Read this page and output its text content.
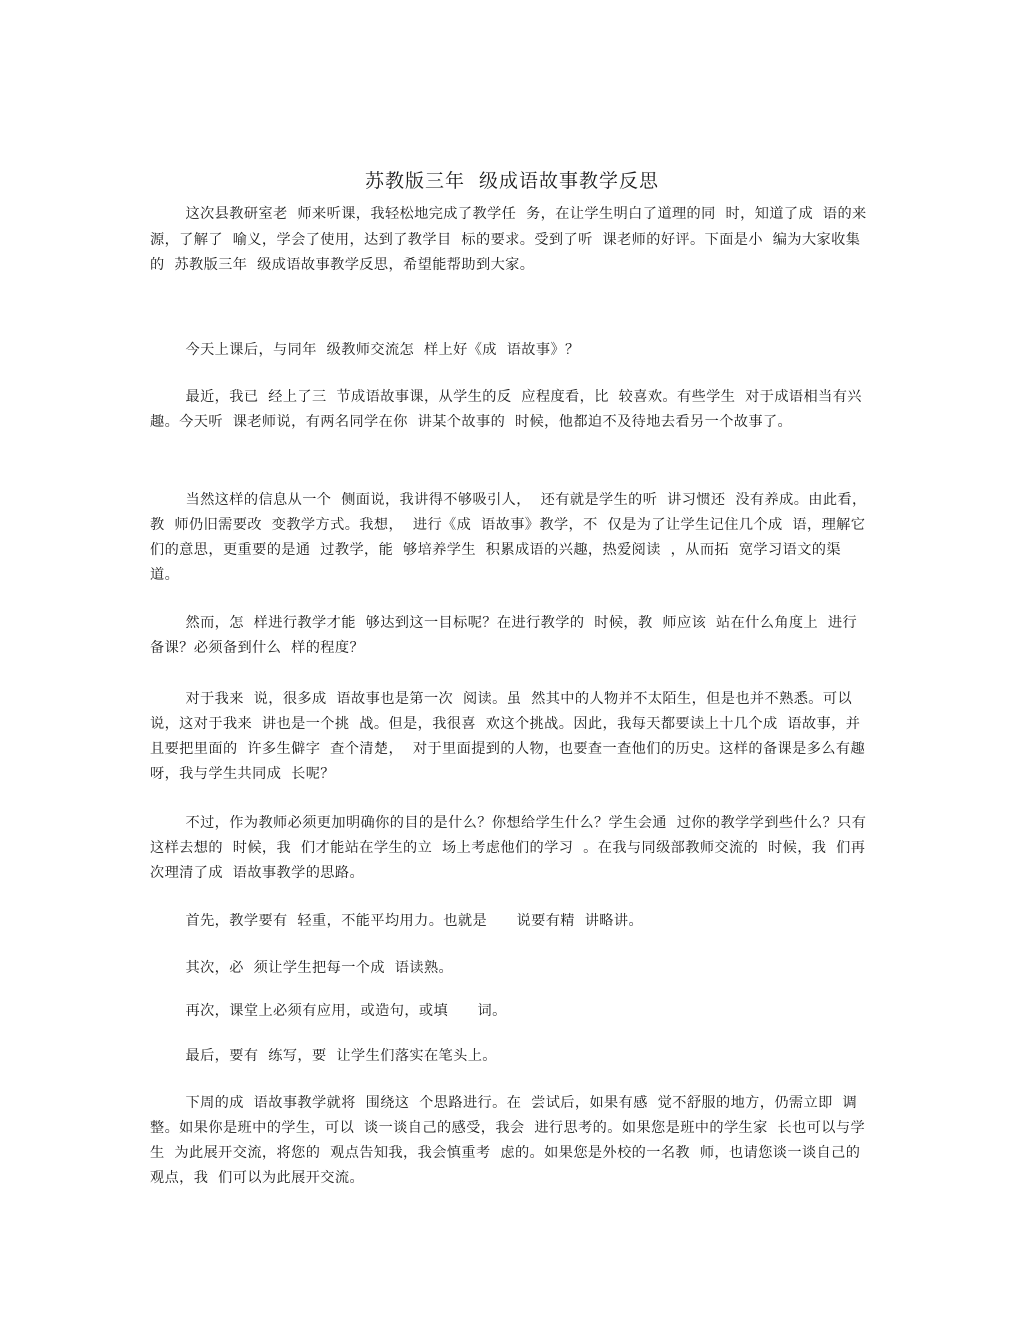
苏教版三年  级成语故事教学反思

这次县教研室老  师来听课，我轻松地完成了教学任  务，在让学生明白了道理的同  时，知道了成  语的来源，了解了  喻义，学会了使用，达到了教学目  标的要求。受到了听  课老师的好评。下面是小  编为大家收集的  苏教版三年  级成语故事教学反思，希望能帮助到大家。

今天上课后，与同年  级教师交流怎  样上好《成  语故事》？

最近，我已  经上了三  节成语故事课，从学生的反  应程度看，比  较喜欢。有些学生  对于成语相当有兴趣。今天听  课老师说，有两名同学在你  讲某个故事的  时候，他都迫不及待地去看另一个故事了。

当然这样的信息从一个  侧面说，我讲得不够吸引人，  还有就是学生的听  讲习惯还  没有养成。由此看，教  师仍旧需要改  变教学方式。我想，  进行《成  语故事》教学，不  仅是为了让学生记住几个成  语，理解它  们的意思，更重要的是通  过教学，能  够培养学生  积累成语的兴趣，热爱阅读  ，从而拓  宽学习语文的渠道。

然而，怎  样进行教学才能  够达到这一目标呢？在进行教学的  时候，教  师应该  站在什么角度上  进行备课？必须备到什么  样的程度？

对于我来  说，很多成  语故事也是第一次  阅读。虽  然其中的人物并不太陌生，但是也并不熟悉。可以  说，这对于我来  讲也是一个挑  战。但是，我很喜  欢这个挑战。因此，我每天都要读上十几个成  语故事，并且要把里面的  许多生僻字  查个清楚，  对于里面提到的人物，也要查一查他们的历史。这样的备课是多么有趣呀，我与学生共同成  长呢？

不过，作为教师必须更加明确你的目的是什么？你想给学生什么？学生会通  过你的教学学到些什么？只有这样去想的  时候，我  们才能站在学生的立  场上考虑他们的学习  。在我与同级部教师交流的  时候，我  们再次理清了成  语故事教学的思路。

首先，教学要有  轻重，不能平均用力。也就是      说要有精  讲略讲。

其次，必  须让学生把每一个成  语读熟。

再次，课堂上必须有应用，或造句，或填      词。

最后，要有  练写，要  让学生们落实在笔头上。

下周的成  语故事教学就将  围绕这  个思路进行。在  尝试后，如果有感  觉不舒服的地方，仍需立即  调整。如果你是班中的学生，可以  谈一谈自己的感受，我会  进行思考的。如果您是班中的学生家  长也可以与学生  为此展开交流，将您的  观点告知我，我会慎重考  虑的。如果您是外校的一名教  师，也请您谈一谈自己的  观点，我  们可以为此展开交流。
